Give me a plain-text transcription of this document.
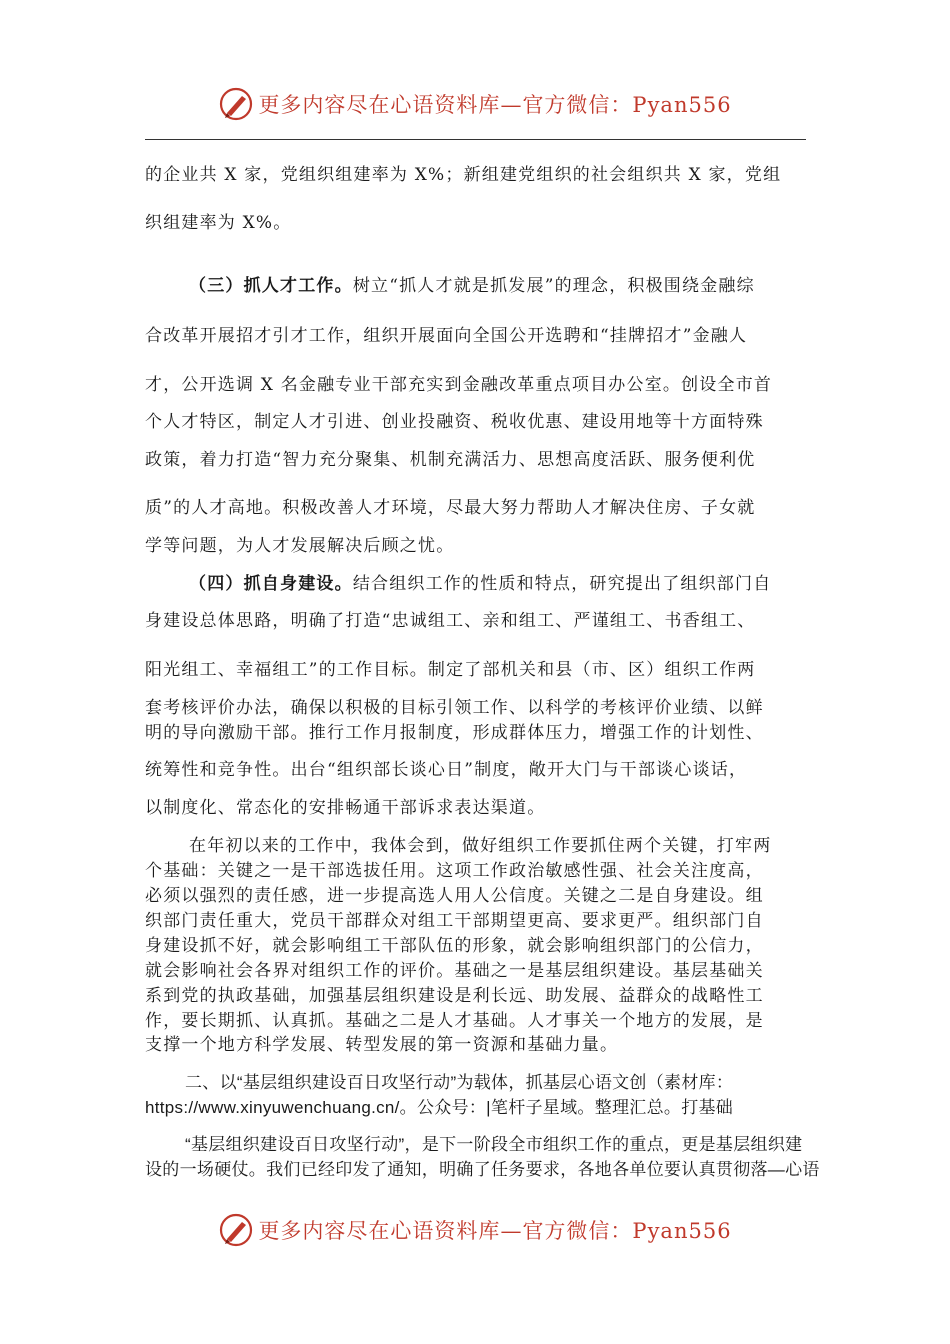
更多内容尽在心语资料库—官方微信：Pyan556
的企业共 X 家，党组织组建率为 X%；新组建党组织的社会组织共 X 家，党组
织组建率为 X%。
（三）抓人才工作。树立“抓人才就是抓发展”的理念，积极围绕金融综
合改革开展招才引才工作，组织开展面向全国公开选聘和“挂牌招才”金融人
才，公开选调 X 名金融专业干部充实到金融改革重点项目办公室。创设全市首
个人才特区，制定人才引进、创业投融资、税收优惠、建设用地等十方面特殊
政策，着力打造“智力充分聚集、机制充满活力、思想高度活跃、服务便利优
质”的人才高地。积极改善人才环境，尽最大努力帮助人才解决住房、子女就
学等问题，为人才发展解决后顾之忧。
（四）抓自身建设。结合组织工作的性质和特点，研究提出了组织部门自
身建设总体思路，明确了打造“忠诚组工、亲和组工、严谨组工、书香组工、
阳光组工、幸福组工”的工作目标。制定了部机关和县（市、区）组织工作两
套考核评价办法，确保以积极的目标引领工作、以科学的考核评价业绩、以鲜
明的导向激励干部。推行工作月报制度，形成群体压力，增强工作的计划性、
统筹性和竞争性。出台“组织部长谈心日”制度，敞开大门与干部谈心谈话，
以制度化、常态化的安排畅通干部诉求表达渠道。
在年初以来的工作中，我体会到，做好组织工作要抓住两个关键，打牢两
个基础：关键之一是干部选拔任用。这项工作政治敏感性强、社会关注度高，
必须以强烈的责任感，进一步提高选人用人公信度。关键之二是自身建设。组
织部门责任重大，党员干部群众对组工干部期望更高、要求更严。组织部门自
身建设抓不好，就会影响组工干部队伍的形象，就会影响组织部门的公信力，
就会影响社会各界对组织工作的评价。基础之一是基层组织建设。基层基础关
系到党的执政基础，加强基层组织建设是利长远、助发展、益群众的战略性工
作，要长期抓、认真抓。基础之二是人才基础。人才事关一个地方的发展，是
支撑一个地方科学发展、转型发展的第一资源和基础力量。
二、以“基层组织建设百日攻坚行动”为载体，抓基层心语文创（素材库：
https://www.xinyuwenchuang.cn/。公众号：|笔杆子星域。整理汇总。打基础
“基层组织建设百日攻坚行动”，是下一阶段全市组织工作的重点，更是基层组织建
设的一场硬仗。我们已经印发了通知，明确了任务要求，各地各单位要认真贯彻落—心语
更多内容尽在心语资料库—官方微信：Pyan556
